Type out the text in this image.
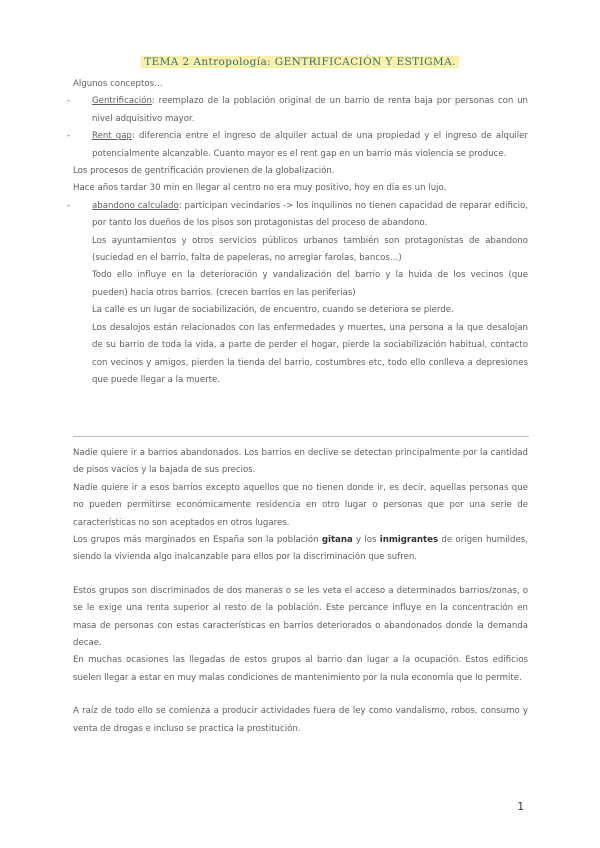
TEMA 2 Antropología: GENTRIFICACIÓN Y ESTIGMA.

Algunos conceptos…

- Gentrificación: reemplazo de la población original de un barrio de renta baja por personas con un nivel adquisitivo mayor.

- Rent gap: diferencia entre el ingreso de alquiler actual de una propiedad y el ingreso de alquiler potencialmente alcanzable. Cuanto mayor es el rent gap en un barrio más violencia se produce.

Los procesos de gentrificación provienen de la globalización.

Hace años tardar 30 min en llegar al centro no era muy positivo, hoy en día es un lujo.

- abandono calculado: participan vecindarios -> los inquilinos no tienen capacidad de reparar edificio, por tanto los dueños de los pisos son protagonistas del proceso de abandono.

Los ayuntamientos y otros servicios públicos urbanos también son protagonistas de abandono (suciedad en el barrio, falta de papeleras, no arreglar farolas, bancos…)

Todo ello influye en la deterioración y vandalización del barrio y la huida de los vecinos (que pueden) hacia otros barrios. (crecen barrios en las periferias)

La calle es un lugar de sociabilización, de encuentro, cuando se deteriora se pierde.

Los desalojos están relacionados con las enfermedades y muertes, una persona a la que desalojan de su barrio de toda la vida, a parte de perder el hogar, pierde la sociabilización habitual, contacto con vecinos y amigos, pierden la tienda del barrio, costumbres etc, todo ello conlleva a depresiones que puede llegar a la muerte.

Nadie quiere ir a barrios abandonados. Los barrios en declive se detectan principalmente por la cantidad de pisos vacíos y la bajada de sus precios.

Nadie quiere ir a esos barrios excepto aquellos que no tienen donde ir, es decir, aquellas personas que no pueden permitirse económicamente residencia en otro lugar o personas que por una serie de características no son aceptados en otros lugares.

Los grupos más marginados en España son la población gitana y los inmigrantes de origen humildes, siendo la vivienda algo inalcanzable para ellos por la discriminación que sufren.

Estos grupos son discriminados de dos maneras o se les veta el acceso a determinados barrios/zonas, o se le exige una renta superior al resto de la población. Este percance influye en la concentración en masa de personas con estas características en barrios deteriorados o abandonados donde la demanda decae.

En muchas ocasiones las llegadas de estos grupos al barrio dan lugar a la ocupación. Estos edificios suelen llegar a estar en muy malas condiciones de mantenimiento por la nula economía que lo permite.

A raíz de todo ello se comienza a producir actividades fuera de ley como vandalismo, robos, consumo y venta de drogas e incluso se practica la prostitución.

1
